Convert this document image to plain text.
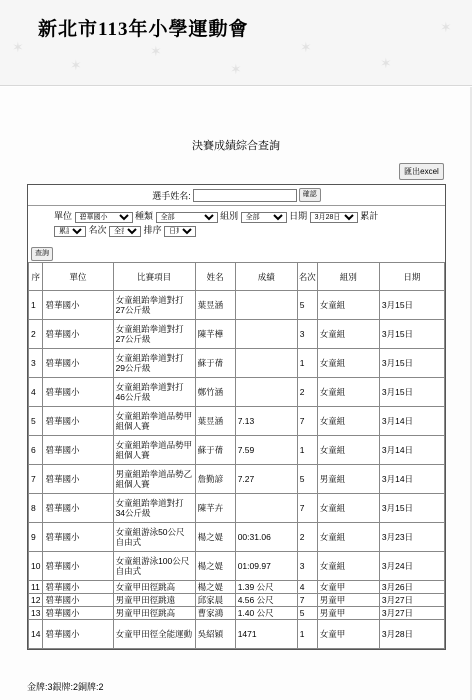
✶
✶
✶
✶
✶
✶
✶
新北市113年小學運動會
決賽成績綜合查詢
匯出excel
選手姓名:	確認
單位
碧華國小	種類
全部	組別
全部	日期
3月28日	累計

累計 名次
全部	排序
日期
查詢
序	單位	比賽項目	姓名	成績	名次	組別	日期
1	碧華國小	女童組跆拳道對打27公斤級	葉昱涵		5	女童組	3月15日
2	碧華國小	女童組跆拳道對打27公斤級	陳芊樺		3	女童組	3月15日
3	碧華國小	女童組跆拳道對打29公斤級	蘇于蒨		1	女童組	3月15日
4	碧華國小	女童組跆拳道對打46公斤級	鄭竹涵		2	女童組	3月15日
5	碧華國小	女童組跆拳道品勢甲組個人賽	葉昱涵	7.13	7	女童組	3月14日
6	碧華國小	女童組跆拳道品勢甲組個人賽	蘇于蒨	7.59	1	女童組	3月14日
7	碧華國小	男童組跆拳道品勢乙組個人賽	詹勤諺	7.27	5	男童組	3月14日
8	碧華國小	女童組跆拳道對打34公斤級	陳芊卉		7	女童組	3月15日
9	碧華國小	女童組游泳50公尺自由式	楊之媞	00:31.06	2	女童組	3月23日
10	碧華國小	女童組游泳100公尺自由式	楊之媞	01:09.97	3	女童組	3月24日
11	碧華國小	女童甲田徑跳高	楊之媞	1.39 公尺	4	女童甲	3月26日
12	碧華國小	男童甲田徑跳遠	邱家晨	4.56 公尺	7	男童甲	3月27日
13	碧華國小	男童甲田徑跳高	曹家鴻	1.40 公尺	5	男童甲	3月27日
14	碧華國小	女童甲田徑全能運動	吳紹穎	1471	1	女童甲	3月28日
金牌:3銀牌:2銅牌:2
